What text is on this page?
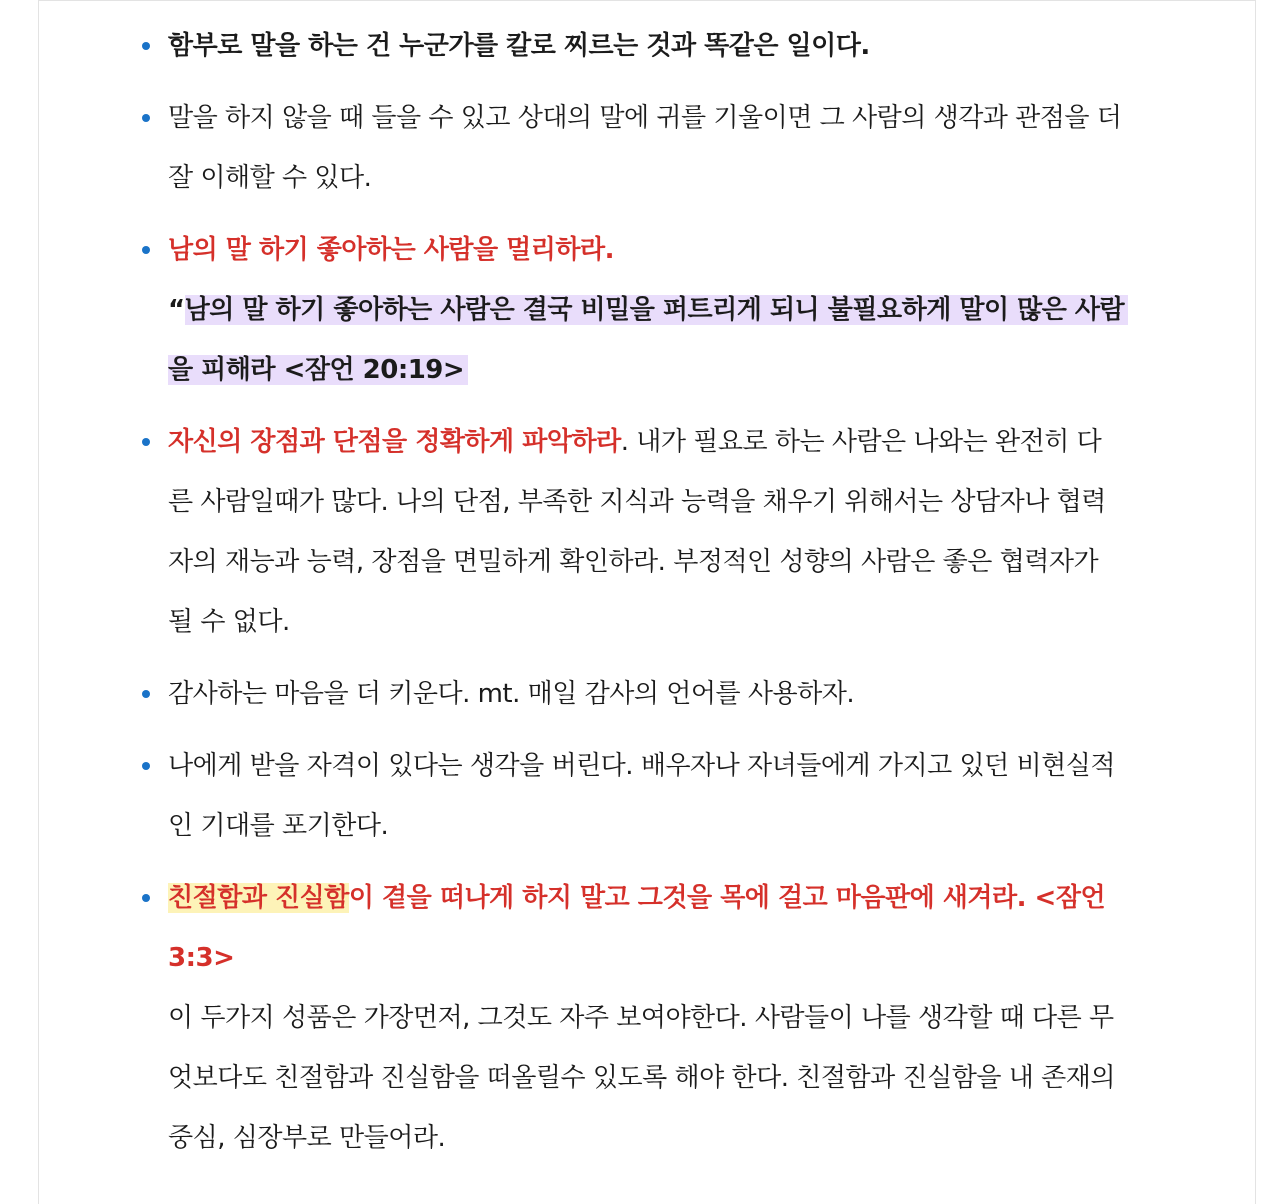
함부로 말을 하는 건 누군가를 칼로 찌르는 것과 똑같은 일이다.
말을 하지 않을 때 들을 수 있고 상대의 말에 귀를 기울이면 그 사람의 생각과 관점을 더
잘 이해할 수 있다.
남의 말 하기 좋아하는 사람을 멀리하라.
“남의 말 하기 좋아하는 사람은 결국 비밀을 퍼트리게 되니 불필요하게 말이 많은 사람
을 피해라 <잠언 20:19>
자신의 장점과 단점을 정확하게 파악하라. 내가 필요로 하는 사람은 나와는 완전히 다
른 사람일때가 많다. 나의 단점, 부족한 지식과 능력을 채우기 위해서는 상담자나 협력
자의 재능과 능력, 장점을 면밀하게 확인하라. 부정적인 성향의 사람은 좋은 협력자가
될 수 없다.
감사하는 마음을 더 키운다. mt. 매일 감사의 언어를 사용하자.
나에게 받을 자격이 있다는 생각을 버린다. 배우자나 자녀들에게 가지고 있던 비현실적
인 기대를 포기한다.
친절함과 진실함이 곁을 떠나게 하지 말고 그것을 목에 걸고 마음판에 새겨라. <잠언
3:3>
이 두가지 성품은 가장먼저, 그것도 자주 보여야한다. 사람들이 나를 생각할 때 다른 무
엇보다도 친절함과 진실함을 떠올릴수 있도록 해야 한다. 친절함과 진실함을 내 존재의
중심, 심장부로 만들어라.
